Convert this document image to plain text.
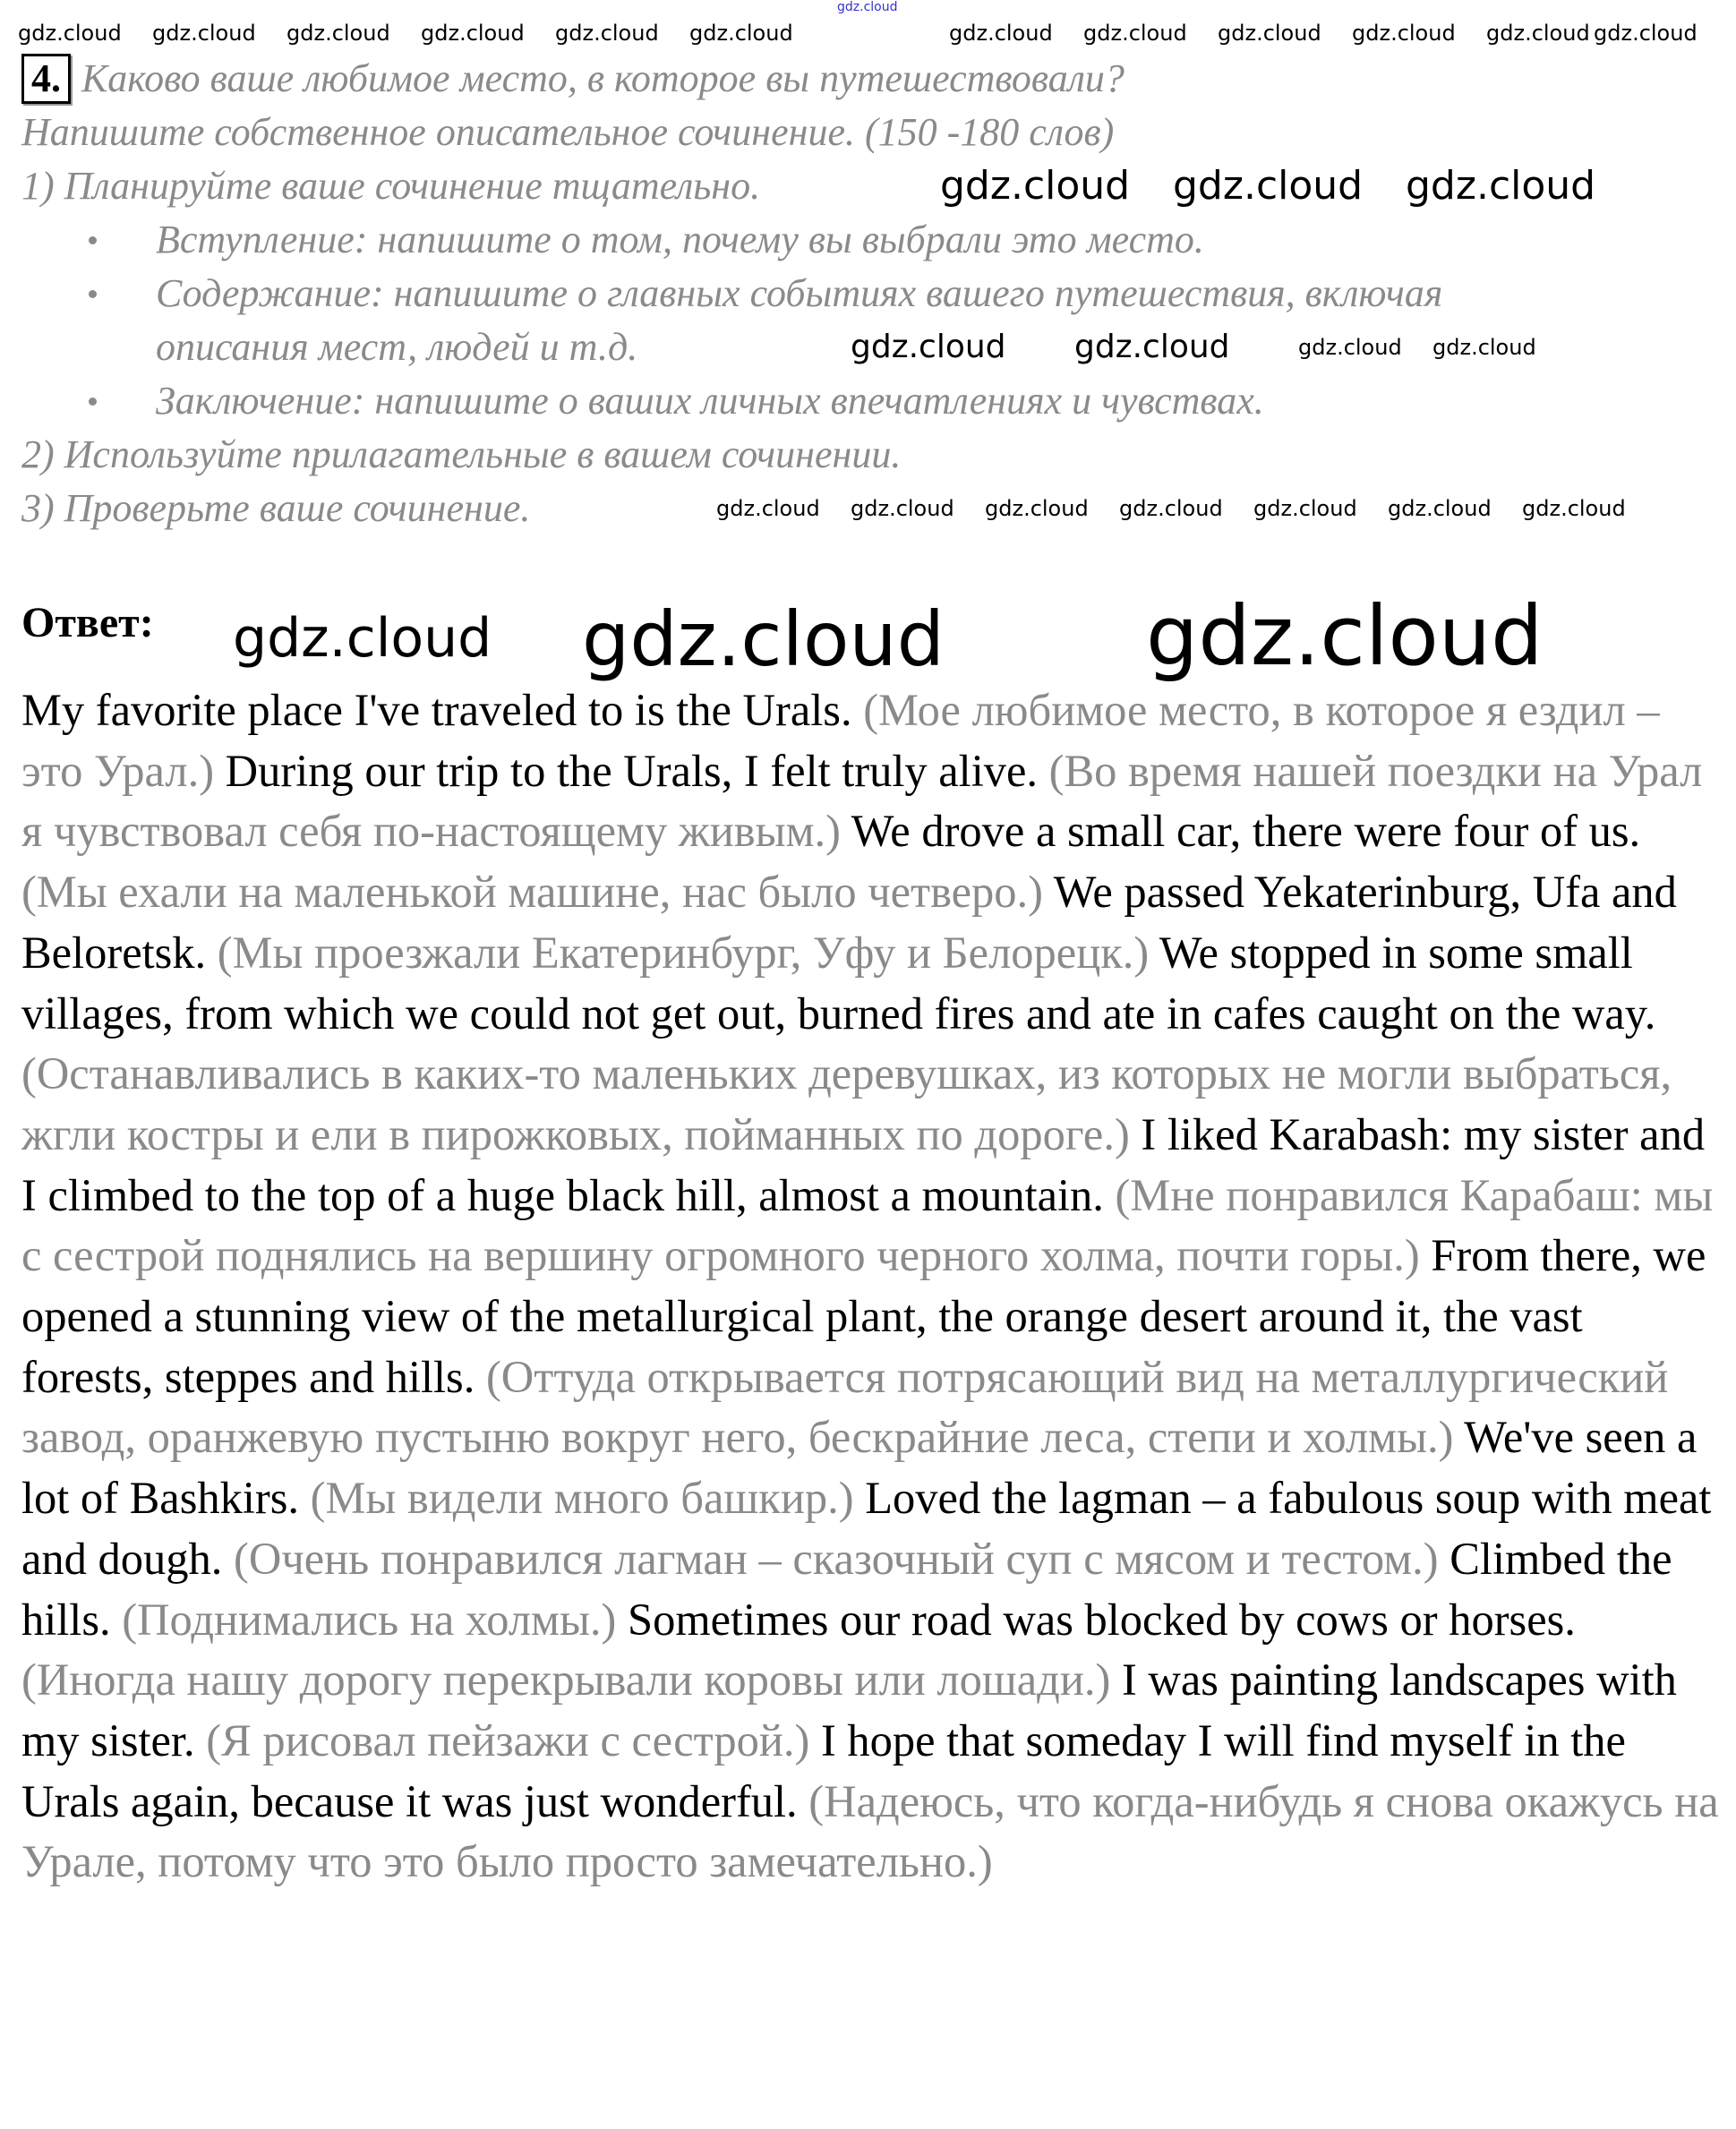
4. Каково ваше любимое место, в которое вы путешествовали?
Напишите собственное описательное сочинение. (150 -180 слов)
1) Планируйте ваше сочинение тщательно.
Вступление: напишите о том, почему вы выбрали это место.
Содержание: напишите о главных событиях вашего путешествия, включая
описания мест, людей и т.д.
Заключение: напишите о ваших личных впечатлениях и чувствах.
2) Используйте прилагательные в вашем сочинении.
3) Проверьте ваше сочинение.
Ответ:
My favorite place I've traveled to is the Urals. (Мое любимое место, в которое я ездил – это Урал.) During our trip to the Urals, I felt truly alive. (Во время нашей поездки на Урал я чувствовал себя по-настоящему живым.) We drove a small car, there were four of us. (Мы ехали на маленькой машине, нас было четверо.) We passed Yekaterinburg, Ufa and Beloretsk. (Мы проезжали Екатеринбург, Уфу и Белорецк.) We stopped in some small villages, from which we could not get out, burned fires and ate in cafes caught on the way. (Останавливались в каких-то маленьких деревушках, из которых не могли выбраться, жгли костры и ели в пирожковых, пойманных по дороге.) I liked Karabash: my sister and I climbed to the top of a huge black hill, almost a mountain. (Мне понравился Карабаш: мы с сестрой поднялись на вершину огромного черного холма, почти горы.) From there, we opened a stunning view of the metallurgical plant, the orange desert around it, the vast forests, steppes and hills. (Оттуда открывается потрясающий вид на металлургический завод, оранжевую пустыню вокруг него, бескрайние леса, степи и холмы.) We've seen a lot of Bashkirs. (Мы видели много башкир.) Loved the lagman – a fabulous soup with meat and dough. (Очень понравился лагман – сказочный суп с мясом и тестом.) Climbed the hills. (Поднимались на холмы.) Sometimes our road was blocked by cows or horses. (Иногда нашу дорогу перекрывали коровы или лошади.) I was painting landscapes with my sister. (Я рисовал пейзажи с сестрой.) I hope that someday I will find myself in the Urals again, because it was just wonderful. (Надеюсь, что когда-нибудь я снова окажусь на Урале, потому что это было просто замечательно.)
gdz.cloud
gdz.cloud gdz.cloud gdz.cloud gdz.cloud gdz.cloud gdz.cloud	gdz.cloud gdz.cloud gdz.cloud gdz.cloud gdz.cloud gdz.cloud
gdz.cloud gdz.cloud gdz.cloud
gdz.cloud gdz.cloud	gdz.cloud gdz.cloud
gdz.cloud gdz.cloud gdz.cloud gdz.cloud gdz.cloud gdz.cloud gdz.cloud
gdz.cloud gdz.cloud gdz.cloud
